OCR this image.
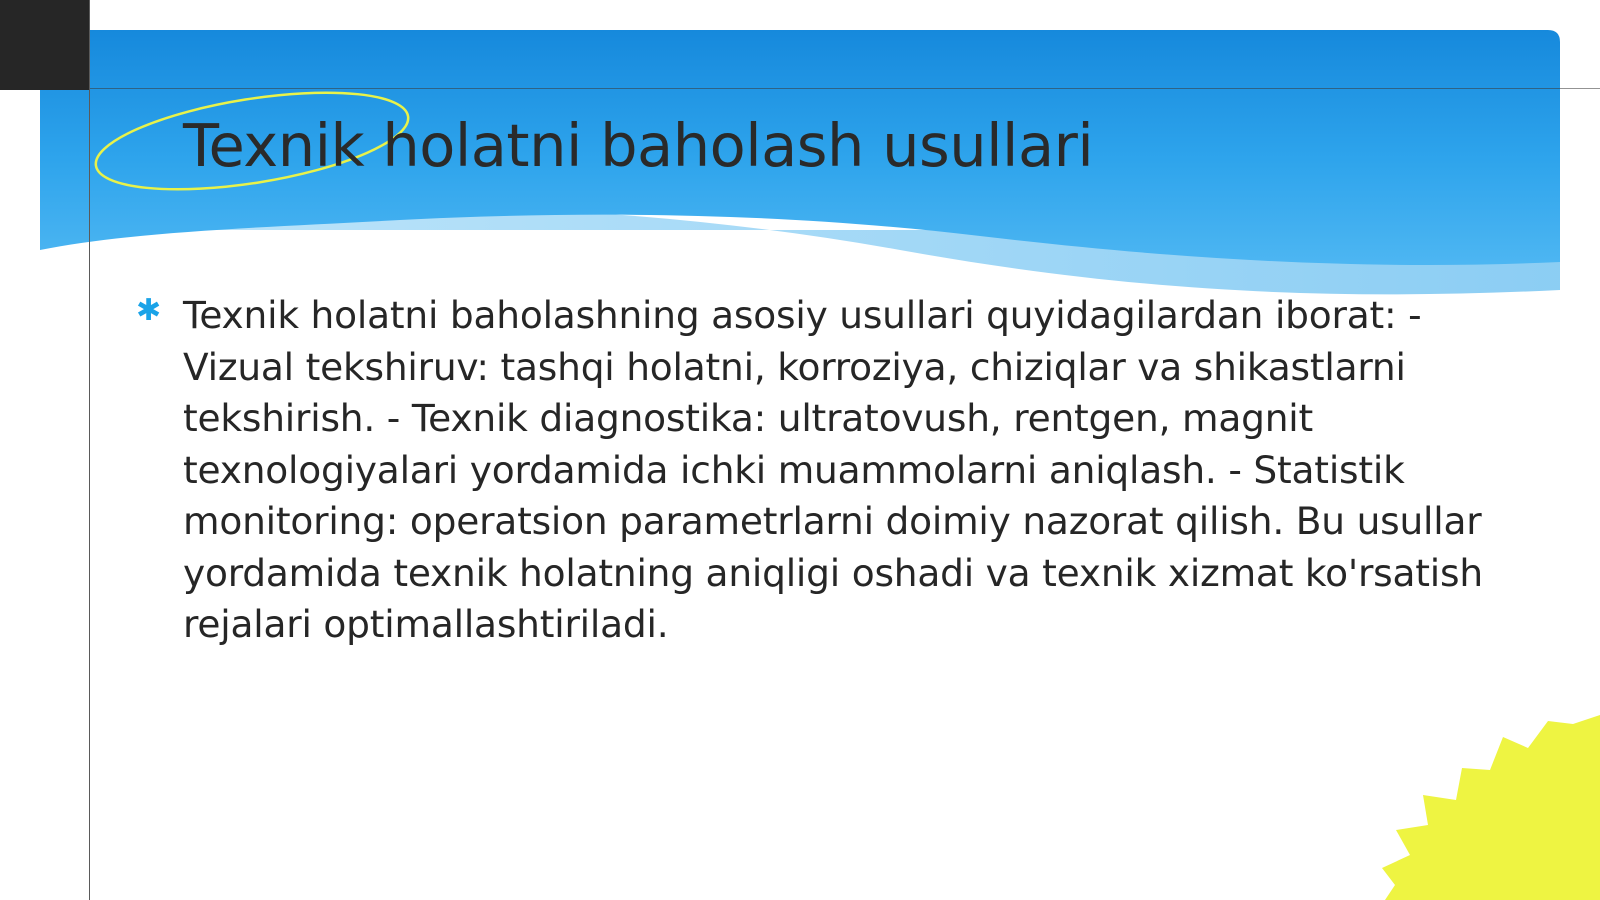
Texnik holatni baholash usullari
✱ Texnik holatni baholashning asosiy usullari quyidagilardan iborat: - Vizual tekshiruv: tashqi holatni, korroziya, chiziqlar va shikastlarni tekshirish. - Texnik diagnostika: ultratovush, rentgen, magnit texnologiyalari yordamida ichki muammolarni aniqlash. - Statistik monitoring: operatsion parametrlarni doimiy nazorat qilish. Bu usullar yordamida texnik holatning aniqligi oshadi va texnik xizmat ko'rsatish rejalari optimallashtiriladi.
